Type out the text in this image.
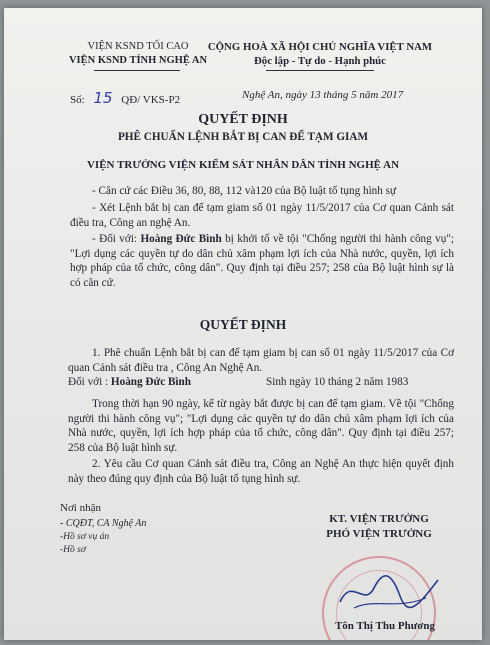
VIỆN KSND TỐI CAO
VIỆN KSND TỈNH NGHỆ AN
CỘNG HOÀ XÃ HỘI CHỦ NGHĨA VIỆT NAM
Độc lập - Tự do - Hạnh phúc
Số: 15 QĐ/ VKS-P2	Nghệ An, ngày 13 tháng 5 năm 2017
QUYẾT ĐỊNH
PHÊ CHUẨN LỆNH BẮT BỊ CAN ĐỂ TẠM GIAM
VIỆN TRƯỞNG VIỆN KIỂM SÁT NHÂN DÂN TỈNH NGHỆ AN
- Căn cứ các Điều 36, 80, 88, 112 và120 của Bộ luật tố tụng hình sự
- Xét Lệnh bắt bị can để tạm giam số 01 ngày 11/5/2017 của Cơ quan Cảnh sát điều tra, Công an nghệ An.
- Đối với: Hoàng Đức Bình bị khởi tố về tội "Chống người thi hành công vụ"; "Lợi dụng các quyền tự do dân chủ xâm phạm lợi ích của Nhà nước, quyền, lợi ích hợp pháp của tổ chức, công dân". Quy định tại điều 257; 258 của Bộ luật hình sự là có căn cứ.
QUYẾT ĐỊNH
1. Phê chuẩn Lệnh bắt bị can để tạm giam bị can số 01 ngày 11/5/2017 của Cơ quan Cảnh sát điều tra , Công An Nghệ An.
Đối với : Hoàng Đức Bình	Sinh ngày 10 tháng 2 năm 1983
Trong thời hạn 90 ngày, kể từ ngày bắt được bị can để tạm giam. Về tội "Chống người thi hành công vụ"; "Lợi dụng các quyền tự do dân chủ xâm phạm lợi ích của Nhà nước, quyền, lợi ích hợp pháp của tổ chức, công dân". Quy định tại điều 257; 258 của Bộ luật hình sự.
2. Yêu cầu Cơ quan Cảnh sát điều tra, Công an Nghệ An thực hiện quyết định này theo đúng quy định của Bộ luật tố tụng hình sự.
Nơi nhận
- CQĐT, CA Nghệ An
-Hồ sơ vụ án
-Hồ sơ
KT. VIỆN TRƯỞNG
PHÓ VIỆN TRƯỞNG
Tôn Thị Thu Phương
